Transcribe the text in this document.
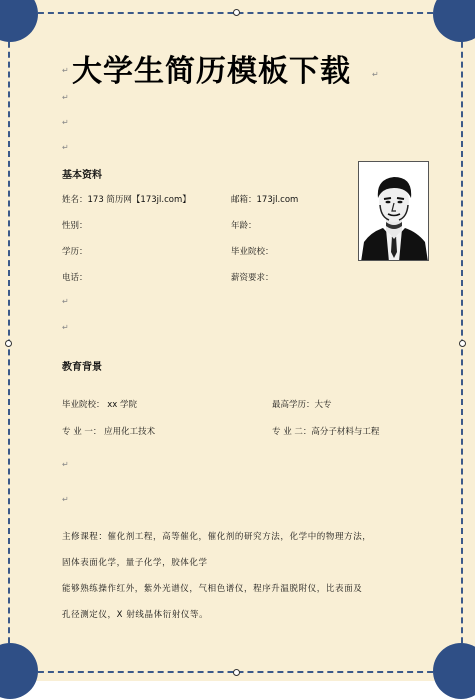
大学生简历模板下载	↵
↵
↵
↵
↵
基本资料
姓名：173 简历网【173jl.com】	邮箱：173jl.com
性别：	年龄：
学历：	毕业院校：
电话：	薪资要求：
↵
↵
教育背景
毕业院校： xx 学院	最高学历：大专
专 业 一： 应用化工技术	专 业 二：高分子材料与工程
↵
↵
主修课程：催化剂工程，高等催化，催化剂的研究方法，化学中的物理方法，
固体表面化学，量子化学，胶体化学
能够熟练操作红外，紫外光谱仪，气相色谱仪，程序升温脱附仪，比表面及
孔径测定仪，X 射线晶体衍射仪等。
